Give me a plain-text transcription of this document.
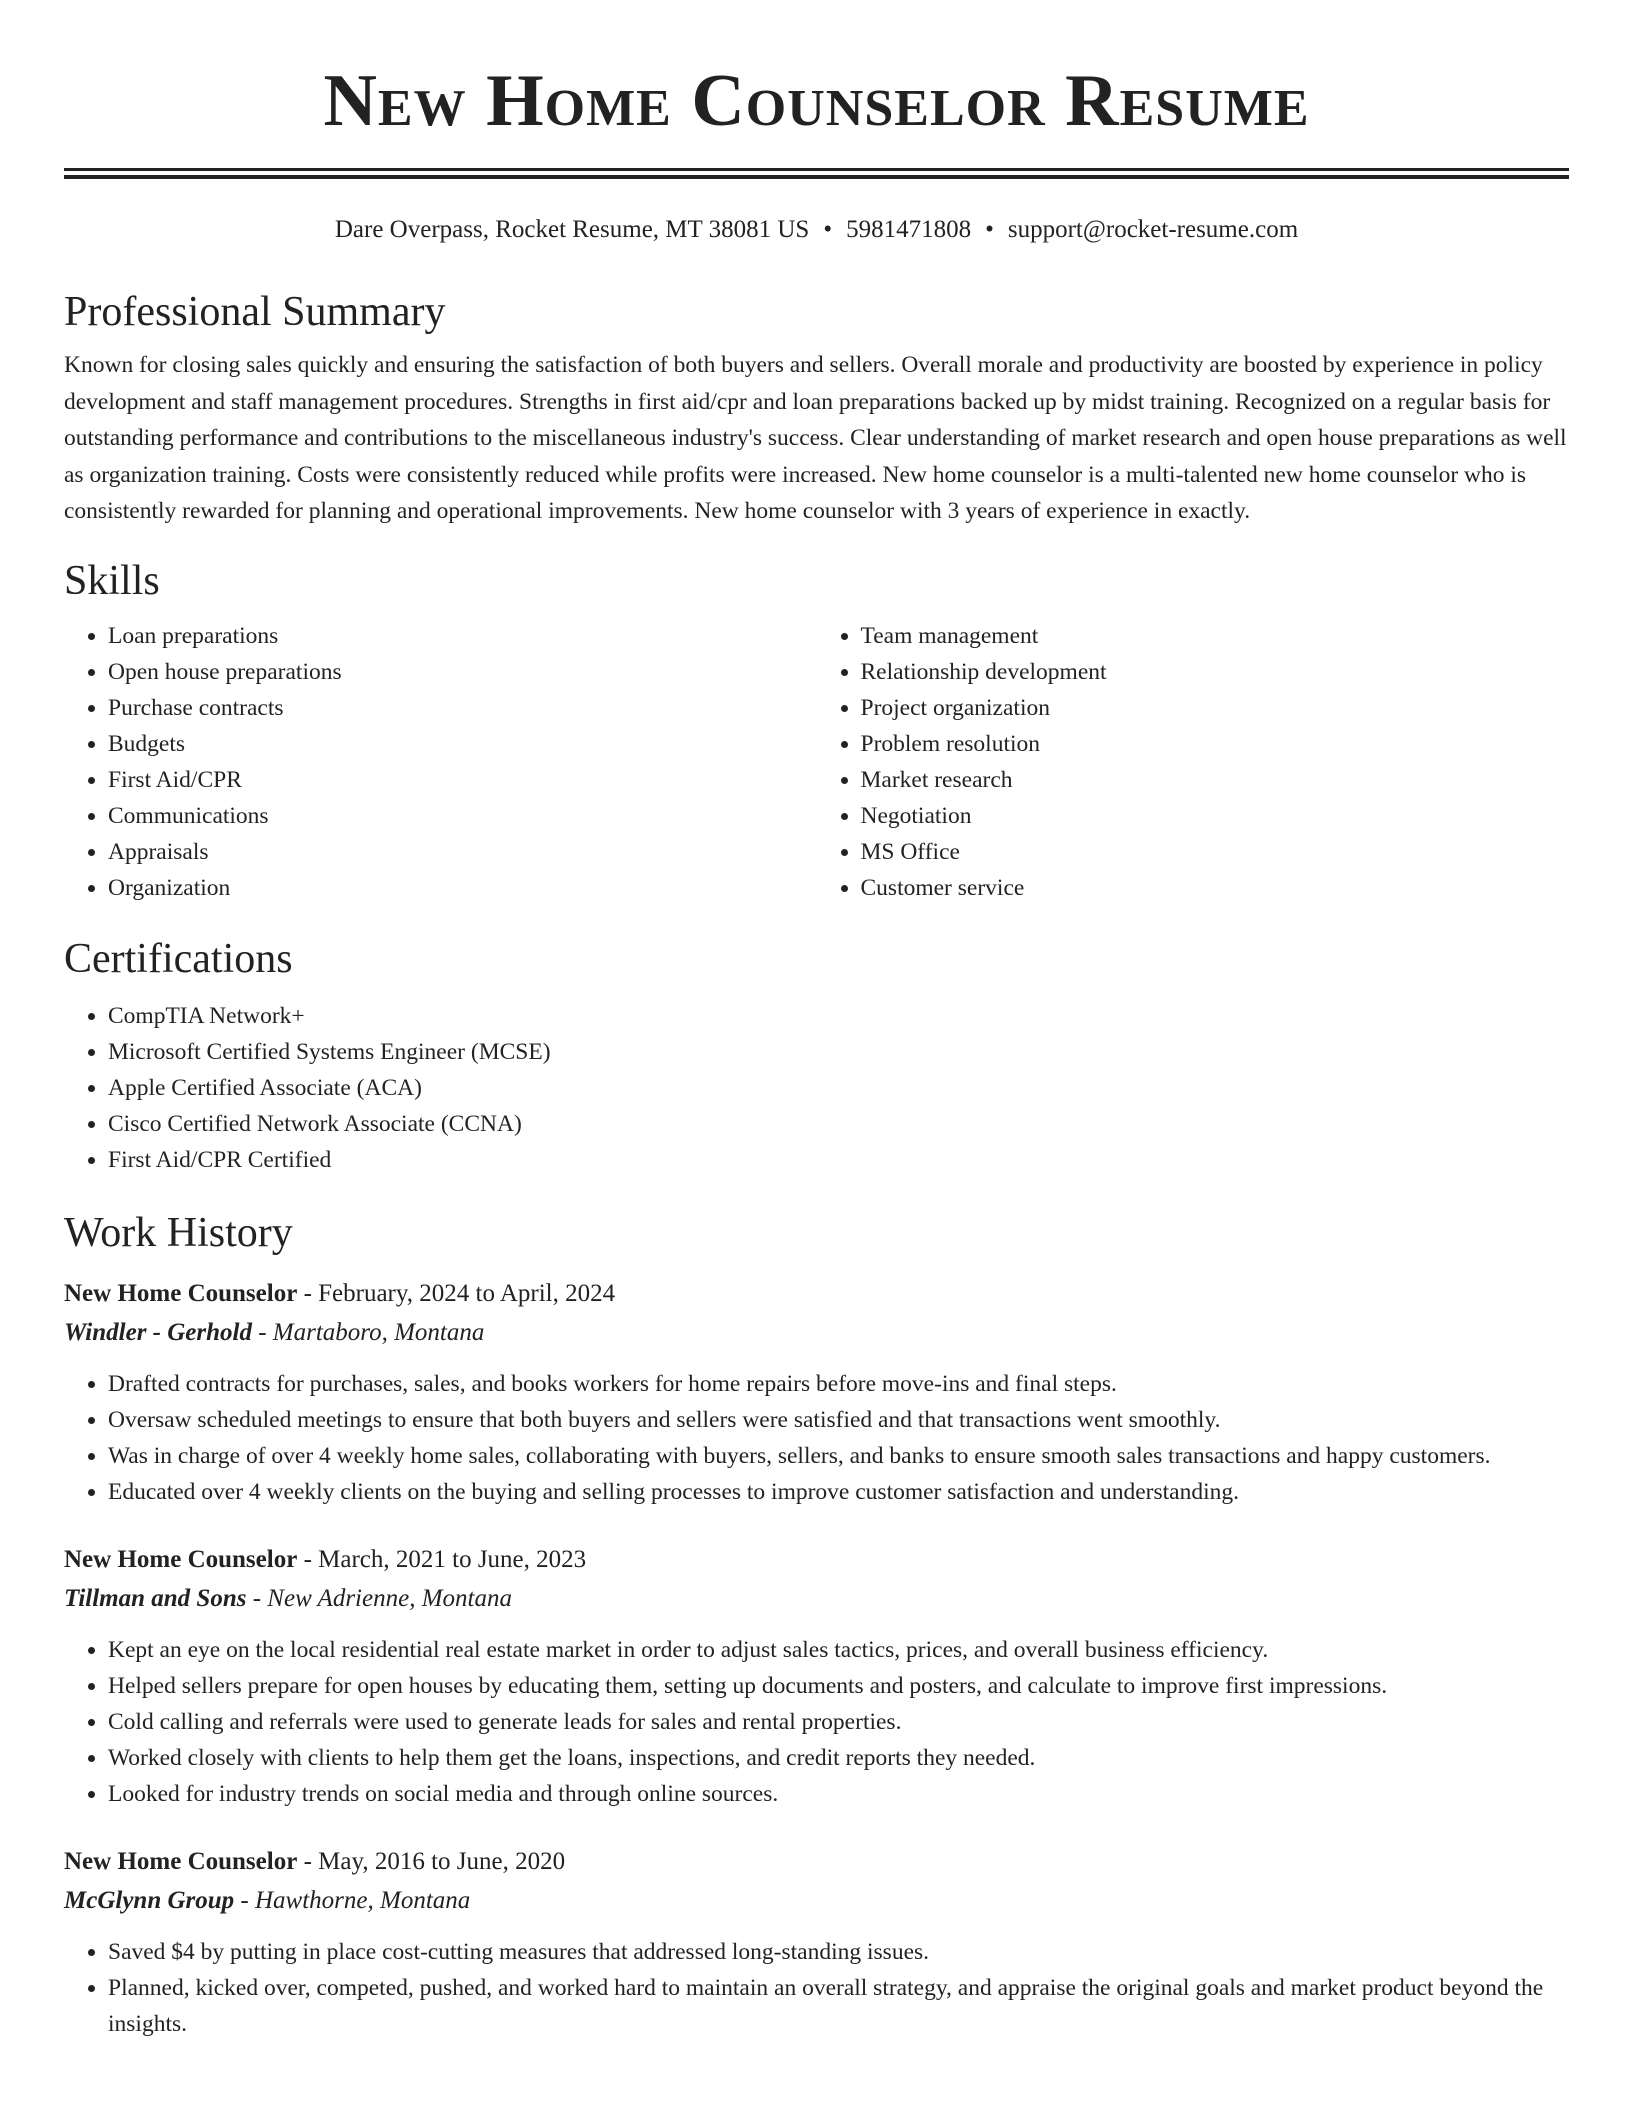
New Home Counselor Resume
Dare Overpass, Rocket Resume, MT 38081 US • 5981471808 • support@rocket-resume.com
Professional Summary
Known for closing sales quickly and ensuring the satisfaction of both buyers and sellers. Overall morale and productivity are boosted by experience in policy development and staff management procedures. Strengths in first aid/cpr and loan preparations backed up by midst training. Recognized on a regular basis for outstanding performance and contributions to the miscellaneous industry's success. Clear understanding of market research and open house preparations as well as organization training. Costs were consistently reduced while profits were increased. New home counselor is a multi-talented new home counselor who is consistently rewarded for planning and operational improvements. New home counselor with 3 years of experience in exactly.
Skills
• Loan preparations
• Open house preparations
• Purchase contracts
• Budgets
• First Aid/CPR
• Communications
• Appraisals
• Organization
• Team management
• Relationship development
• Project organization
• Problem resolution
• Market research
• Negotiation
• MS Office
• Customer service
Certifications
• CompTIA Network+
• Microsoft Certified Systems Engineer (MCSE)
• Apple Certified Associate (ACA)
• Cisco Certified Network Associate (CCNA)
• First Aid/CPR Certified
Work History
New Home Counselor - February, 2024 to April, 2024
Windler - Gerhold - Martaboro, Montana
• Drafted contracts for purchases, sales, and books workers for home repairs before move-ins and final steps.
• Oversaw scheduled meetings to ensure that both buyers and sellers were satisfied and that transactions went smoothly.
• Was in charge of over 4 weekly home sales, collaborating with buyers, sellers, and banks to ensure smooth sales transactions and happy customers.
• Educated over 4 weekly clients on the buying and selling processes to improve customer satisfaction and understanding.
New Home Counselor - March, 2021 to June, 2023
Tillman and Sons - New Adrienne, Montana
• Kept an eye on the local residential real estate market in order to adjust sales tactics, prices, and overall business efficiency.
• Helped sellers prepare for open houses by educating them, setting up documents and posters, and calculate to improve first impressions.
• Cold calling and referrals were used to generate leads for sales and rental properties.
• Worked closely with clients to help them get the loans, inspections, and credit reports they needed.
• Looked for industry trends on social media and through online sources.
New Home Counselor - May, 2016 to June, 2020
McGlynn Group - Hawthorne, Montana
• Saved $4 by putting in place cost-cutting measures that addressed long-standing issues.
• Planned, kicked over, competed, pushed, and worked hard to maintain an overall strategy, and appraise the original goals and market product beyond the insights.
